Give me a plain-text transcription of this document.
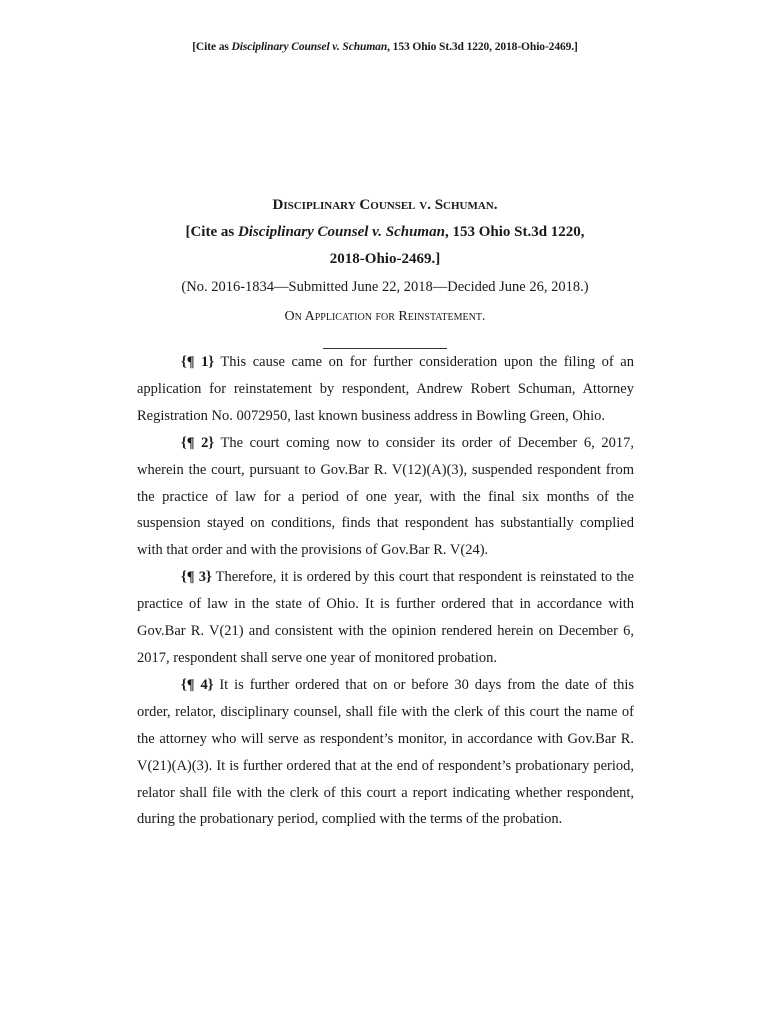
[Cite as Disciplinary Counsel v. Schuman, 153 Ohio St.3d 1220, 2018-Ohio-2469.]
Disciplinary Counsel v. Schuman.
[Cite as Disciplinary Counsel v. Schuman, 153 Ohio St.3d 1220,
2018-Ohio-2469.]
(No. 2016-1834—Submitted June 22, 2018—Decided June 26, 2018.)
On Application for Reinstatement.

{¶ 1} This cause came on for further consideration upon the filing of an application for reinstatement by respondent, Andrew Robert Schuman, Attorney Registration No. 0072950, last known business address in Bowling Green, Ohio.

{¶ 2} The court coming now to consider its order of December 6, 2017, wherein the court, pursuant to Gov.Bar R. V(12)(A)(3), suspended respondent from the practice of law for a period of one year, with the final six months of the suspension stayed on conditions, finds that respondent has substantially complied with that order and with the provisions of Gov.Bar R. V(24).

{¶ 3} Therefore, it is ordered by this court that respondent is reinstated to the practice of law in the state of Ohio. It is further ordered that in accordance with Gov.Bar R. V(21) and consistent with the opinion rendered herein on December 6, 2017, respondent shall serve one year of monitored probation.

{¶ 4} It is further ordered that on or before 30 days from the date of this order, relator, disciplinary counsel, shall file with the clerk of this court the name of the attorney who will serve as respondent’s monitor, in accordance with Gov.Bar R. V(21)(A)(3). It is further ordered that at the end of respondent’s probationary period, relator shall file with the clerk of this court a report indicating whether respondent, during the probationary period, complied with the terms of the probation.
